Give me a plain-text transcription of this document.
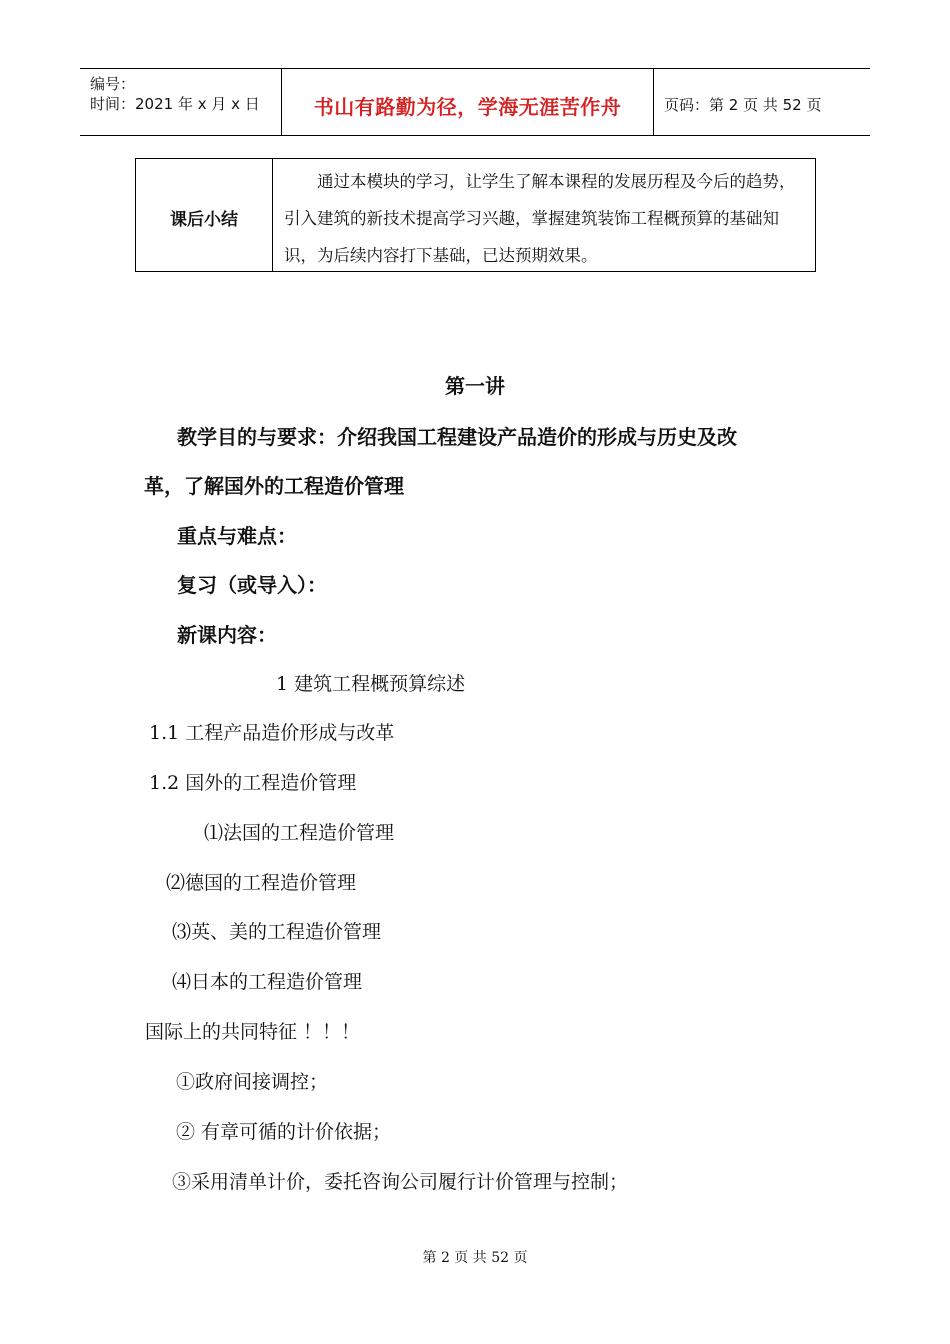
编号：
时间：2021 年 x 月 x 日	书山有路勤为径，学海无涯苦作舟	页码：第 2 页 共 52 页
课后小结
通过本模块的学习，让学生了解本课程的发展历程及今后的趋势，引入建筑的新技术提高学习兴趣，掌握建筑装饰工程概预算的基础知识，为后续内容打下基础，已达预期效果。
第一讲
教学目的与要求：介绍我国工程建设产品造价的形成与历史及改
革，了解国外的工程造价管理
重点与难点：
复习（或导入）：
新课内容：
1 建筑工程概预算综述
1.1 工程产品造价形成与改革
1.2 国外的工程造价管理
⑴法国的工程造价管理
⑵德国的工程造价管理
⑶英、美的工程造价管理
⑷日本的工程造价管理
国际上的共同特征 ！！！
①政府间接调控；
② 有章可循的计价依据；
③采用清单计价，委托咨询公司履行计价管理与控制；
第 2 页 共 52 页
